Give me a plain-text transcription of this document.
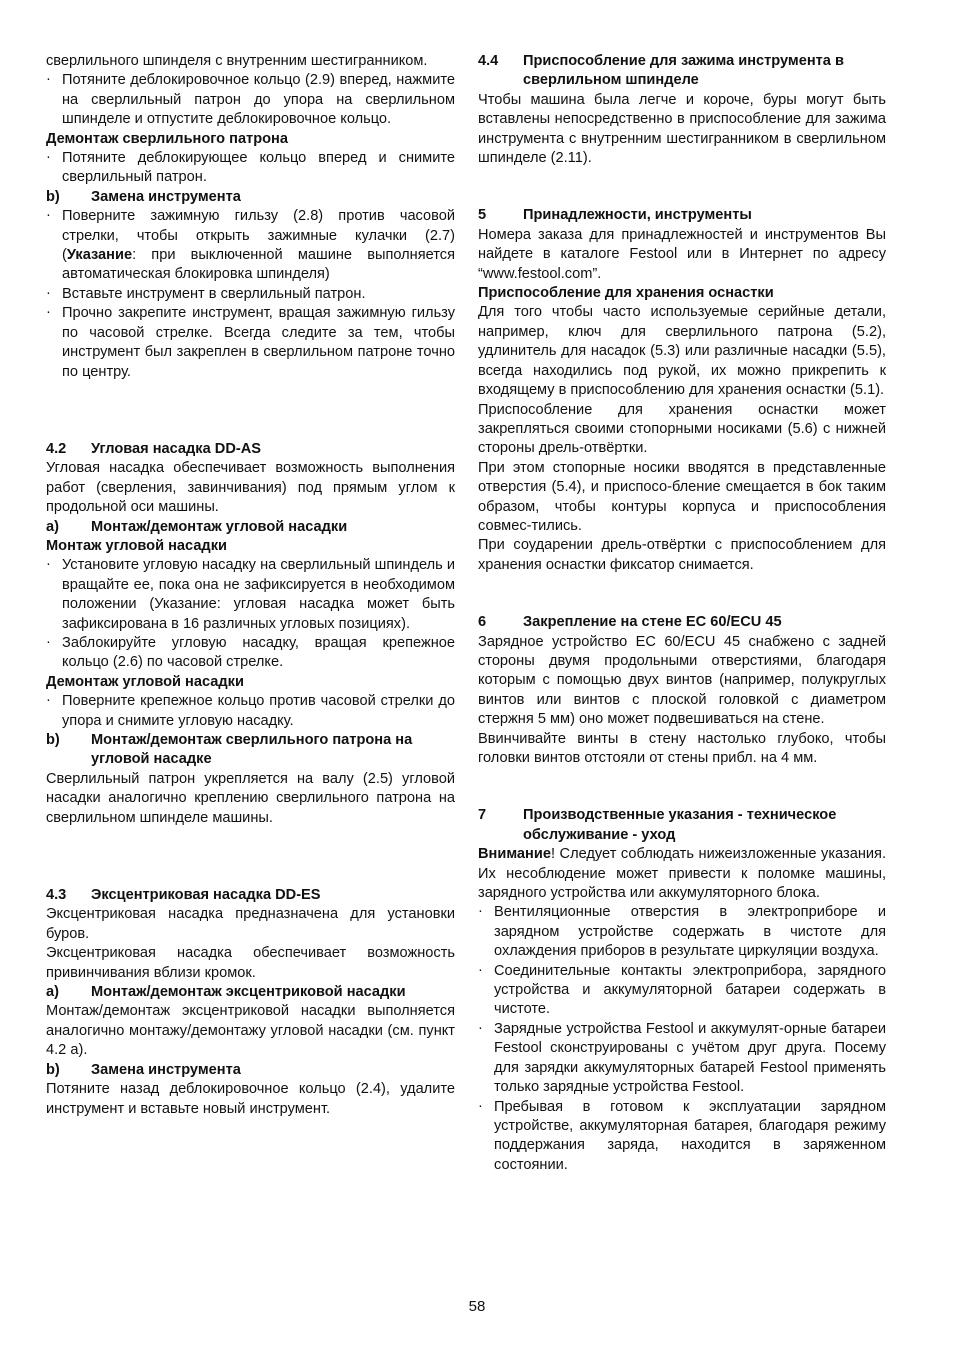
сверлильного шпинделя с внутренним шестигранником.

· Потяните деблокировочное кольцо (2.9) вперед, нажмите на сверлильный патрон до упора на сверлильном шпинделе и отпустите деблокировочное кольцо.

Демонтаж сверлильного патрона

· Потяните деблокирующее кольцо вперед и снимите сверлильный патрон.

b)	Замена инструмента

· Поверните зажимную гильзу (2.8) против часовой стрелки, чтобы открыть зажимные кулачки (2.7) (Указание: при выключенной машине выполняется автоматическая блокировка шпинделя)

· Вставьте инструмент в сверлильный патрон.

· Прочно закрепите инструмент, вращая зажимную гильзу по часовой стрелке. Всегда следите за тем, чтобы инструмент был закреплен в сверлильном патроне точно по центру.

4.2	Угловая насадка DD-AS

Угловая насадка обеспечивает возможность выполнения работ (сверления, завинчивания) под прямым углом к продольной оси машины.

a)	Монтаж/демонтаж угловой насадки

Монтаж угловой насадки

· Установите угловую насадку на сверлильный шпиндель и вращайте ее, пока она не зафиксируется в необходимом положении (Указание: угловая насадка может быть зафиксирована в 16 различных угловых позициях).

· Заблокируйте угловую насадку, вращая крепежное кольцо (2.6) по часовой стрелке.

Демонтаж угловой насадки

· Поверните крепежное кольцо против часовой стрелки до упора и снимите угловую насадку.

b)	Монтаж/демонтаж сверлильного патрона на угловой насадке

Сверлильный патрон укрепляется на валу (2.5) угловой насадки аналогично креплению сверлильного патрона на сверлильном шпинделе машины.

4.3	Эксцентриковая насадка DD-ES

Эксцентриковая насадка предназначена для установки буров.

Эксцентриковая насадка обеспечивает возможность привинчивания вблизи кромок.

a)	Монтаж/демонтаж эксцентриковой насадки

Монтаж/демонтаж эксцентриковой насадки выполняется аналогично монтажу/демонтажу угловой насадки (см. пункт 4.2 а).

b)	Замена инструмента

Потяните назад деблокировочное кольцо (2.4), удалите инструмент и вставьте новый инструмент.

4.4	Приспособление для зажима инструмента в сверлильном шпинделе

Чтобы машина была легче и короче, буры могут быть вставлены непосредственно в приспособление для зажима инструмента с внутренним шестигранником в сверлильном шпинделе (2.11).

5	Принадлежности, инструменты

Номера заказа для принадлежностей и инструментов Вы найдете в каталоге Festool или в Интернет по адресу “www.festool.com”.

Приспособление для хранения оснастки

Для того чтобы часто используемые серийные детали, например, ключ для сверлильного патрона (5.2), удлинитель для насадок (5.3) или различные насадки (5.5), всегда находились под рукой, их можно прикрепить к входящему в приспособлению для хранения оснастки (5.1).

Приспособление для хранения оснастки может закрепляться своими стопорными носиками (5.6) с нижней стороны дрель-отвёртки.

При этом стопорные носики вводятся в представленные отверстия (5.4), и приспосо-бление смещается в бок таким образом, чтобы контуры корпуса и приспособления совмес-тились.

При соударении дрель-отвёртки с приспособлением для хранения оснастки фиксатор снимается.

6	Закрепление на стене EC 60/ECU 45

Зарядное устройство EC 60/ECU 45 снабжено с задней стороны двумя продольными отверстиями, благодаря которым с помощью двух винтов (например, полукруглых винтов или винтов с плоской головкой с диаметром стержня 5 мм) оно может подвешиваться на стене.

Ввинчивайте винты в стену настолько глубоко, чтобы головки винтов отстояли от стены прибл. на 4 мм.

7	Производственные указания - техническое обслуживание - уход

Внимание! Следует соблюдать нижеизложенные указания. Их несоблюдение может привести к поломке машины, зарядного устройства или аккумуляторного блока.

· Вентиляционные отверстия в электроприборе и зарядном устройстве содержать в чистоте для охлаждения приборов в результате циркуляции воздуха.

· Соединительные контакты электроприбора, зарядного устройства и аккумуляторной батареи содержать в чистоте.

· Зарядные устройства Festool и аккумулят-орные батареи Festool сконструированы с учётом друг друга. Посему для зарядки аккумуляторных батарей Festool применять только зарядные устройства Festool.

· Пребывая в готовом к эксплуатации зарядном устройстве, аккумуляторная батарея, благодаря режиму поддержания заряда, находится в заряженном состоянии.

58
